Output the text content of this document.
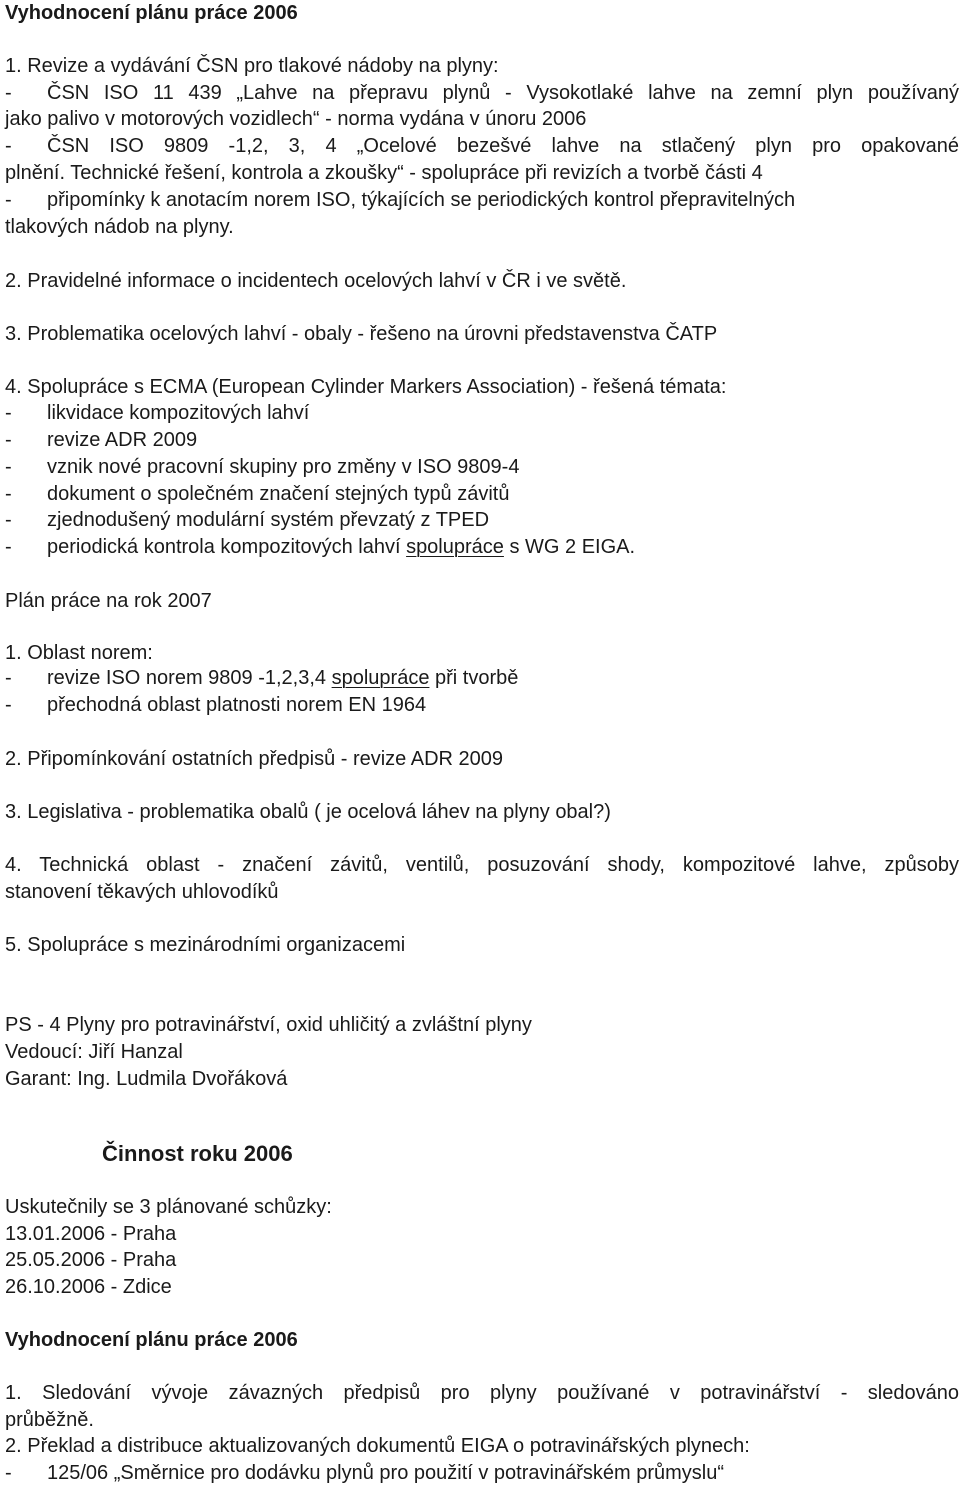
Vyhodnocení plánu práce 2006
1. Revize a vydávání ČSN pro tlakové nádoby na plyny:
- ČSN ISO 11 439 „Lahve na přepravu plynů - Vysokotlaké lahve na zemní plyn používaný
jako palivo v motorových vozidlech“ - norma vydána v únoru 2006
- ČSN ISO 9809 -1,2, 3, 4 „Ocelové bezešvé lahve na stlačený plyn pro opakované
plnění. Technické řešení, kontrola a zkoušky“ - spolupráce při revizích a tvorbě části 4
- připomínky k anotacím norem ISO, týkajících se periodických kontrol přepravitelných
tlakových nádob na plyny.
2. Pravidelné informace o incidentech ocelových lahví v ČR i ve světě.
3. Problematika ocelových lahví - obaly - řešeno na úrovni představenstva ČATP
4. Spolupráce s ECMA (European Cylinder Markers Association) - řešená témata:
- likvidace kompozitových lahví
- revize ADR 2009
- vznik nové pracovní skupiny pro změny v ISO 9809-4
- dokument o společném značení stejných typů závitů
- zjednodušený modulární systém převzatý z TPED
- periodická kontrola kompozitových lahví spolupráce s WG 2 EIGA.
Plán práce na rok 2007
1. Oblast norem:
- revize ISO norem 9809 -1,2,3,4 spolupráce při tvorbě
- přechodná oblast platnosti norem EN 1964
2. Připomínkování ostatních předpisů - revize ADR 2009
3. Legislativa - problematika obalů ( je ocelová láhev na plyny obal?)
4. Technická oblast - značení závitů, ventilů, posuzování shody, kompozitové lahve, způsoby
stanovení těkavých uhlovodíků
5. Spolupráce s mezinárodními organizacemi
PS - 4 Plyny pro potravinářství, oxid uhličitý a zvláštní plyny
Vedoucí: Jiří Hanzal
Garant: Ing. Ludmila Dvořáková
Činnost roku 2006
Uskutečnily se 3 plánované schůzky:
13.01.2006 - Praha
25.05.2006 - Praha
26.10.2006 - Zdice
Vyhodnocení plánu práce 2006
1. Sledování vývoje závazných předpisů pro plyny používané v potravinářství - sledováno
průběžně.
2. Překlad a distribuce aktualizovaných dokumentů EIGA o potravinářských plynech:
- 125/06 „Směrnice pro dodávku plynů pro použití v potravinářském průmyslu“
